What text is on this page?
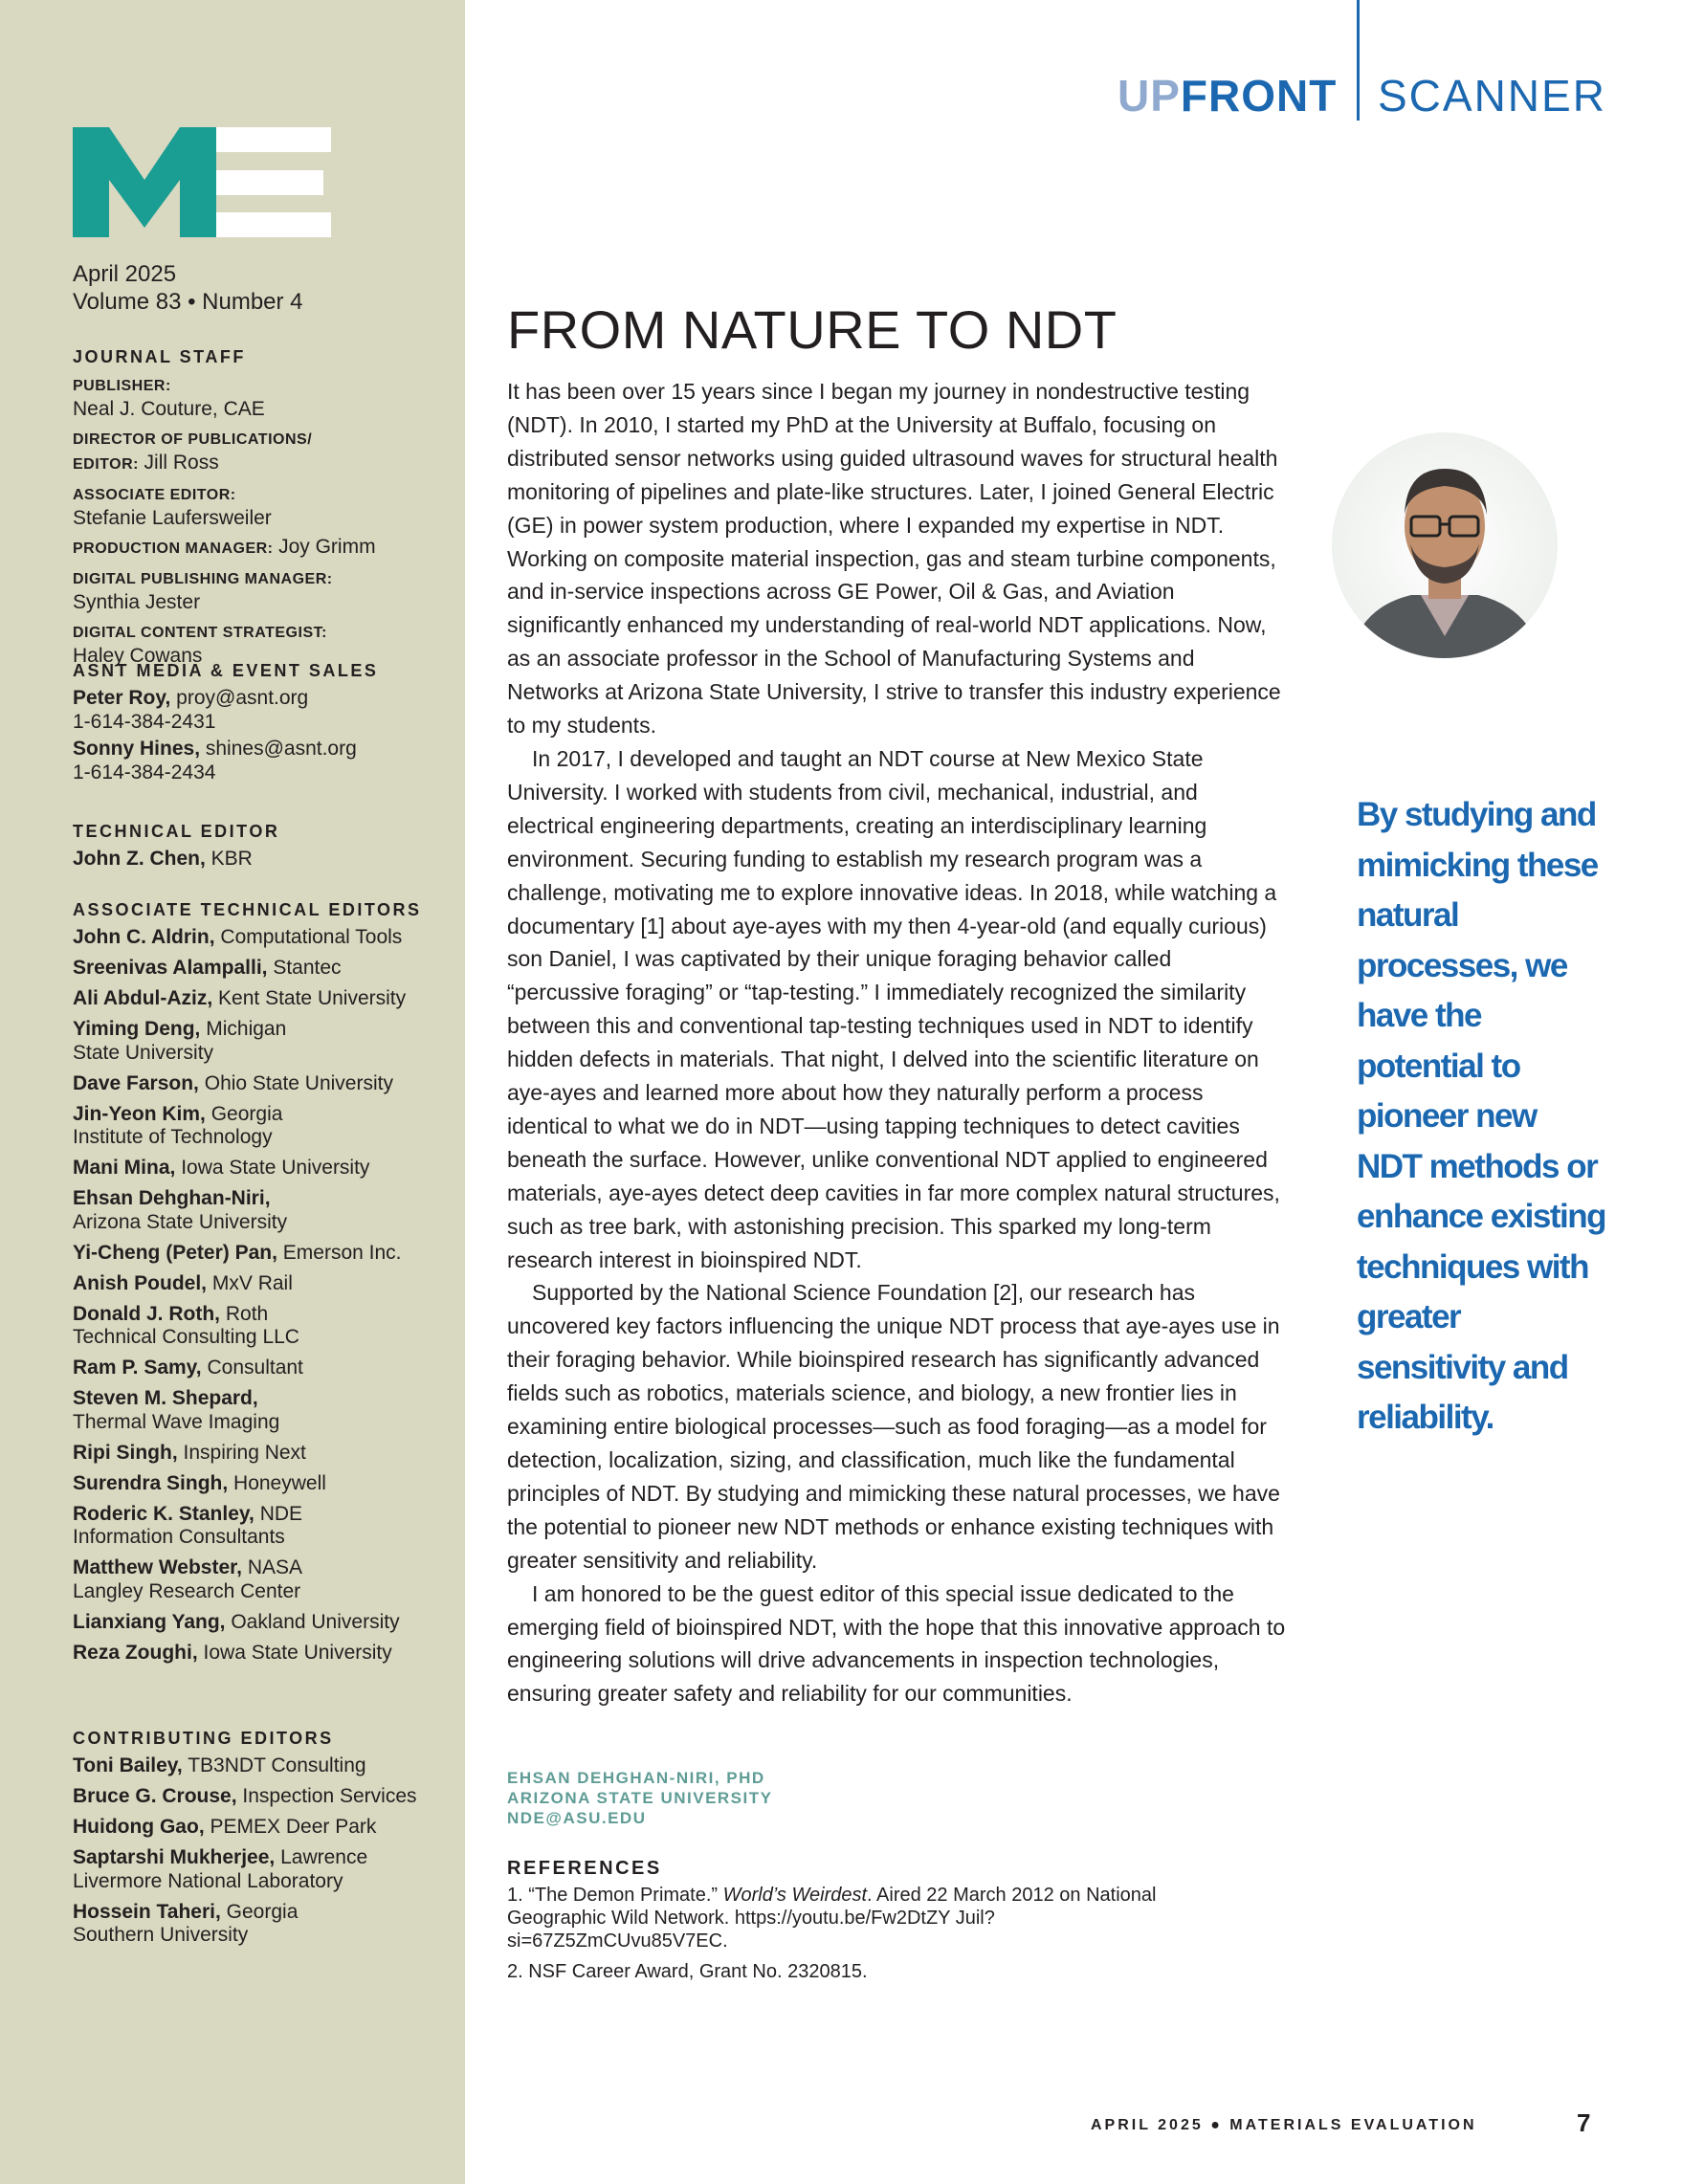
April 2025
Volume 83 • Number 4
JOURNAL STAFF
PUBLISHER:
Neal J. Couture, CAE
DIRECTOR OF PUBLICATIONS/
EDITOR: Jill Ross
ASSOCIATE EDITOR:
Stefanie Laufersweiler
PRODUCTION MANAGER: Joy Grimm
DIGITAL PUBLISHING MANAGER:
Synthia Jester
DIGITAL CONTENT STRATEGIST:
Haley Cowans
ASNT MEDIA & EVENT SALES
Peter Roy, proy@asnt.org
1-614-384-2431
Sonny Hines, shines@asnt.org
1-614-384-2434
TECHNICAL EDITOR
John Z. Chen, KBR
ASSOCIATE TECHNICAL EDITORS
John C. Aldrin, Computational Tools
Sreenivas Alampalli, Stantec
Ali Abdul-Aziz, Kent State University
Yiming Deng, Michigan
State University
Dave Farson, Ohio State University
Jin-Yeon Kim, Georgia
Institute of Technology
Mani Mina, Iowa State University
Ehsan Dehghan-Niri,
Arizona State University
Yi-Cheng (Peter) Pan, Emerson Inc.
Anish Poudel, MxV Rail
Donald J. Roth, Roth
Technical Consulting LLC
Ram P. Samy, Consultant
Steven M. Shepard,
Thermal Wave Imaging
Ripi Singh, Inspiring Next
Surendra Singh, Honeywell
Roderic K. Stanley, NDE
Information Consultants
Matthew Webster, NASA
Langley Research Center
Lianxiang Yang, Oakland University
Reza Zoughi, Iowa State University
CONTRIBUTING EDITORS
Toni Bailey, TB3NDT Consulting
Bruce G. Crouse, Inspection Services
Huidong Gao, PEMEX Deer Park
Saptarshi Mukherjee, Lawrence
Livermore National Laboratory
Hossein Taheri, Georgia
Southern University
UPFRONT SCANNER
FROM NATURE TO NDT

It has been over 15 years since I began my journey in nondestructive testing (NDT). In 2010, I started my PhD at the University at Buffalo, focusing on distributed sensor networks using guided ultrasound waves for structural health monitoring of pipelines and plate-like structures. Later, I joined General Electric (GE) in power system production, where I expanded my expertise in NDT. Working on composite material inspection, gas and steam turbine components, and in-service inspections across GE Power, Oil & Gas, and Aviation significantly enhanced my understanding of real-world NDT applications. Now, as an associate professor in the School of Manufacturing Systems and Networks at Arizona State University, I strive to transfer this industry experience to my students.

In 2017, I developed and taught an NDT course at New Mexico State University. I worked with students from civil, mechanical, industrial, and electrical engineering departments, creating an interdisciplinary learning environment. Securing funding to establish my research program was a challenge, motivating me to explore innovative ideas. In 2018, while watching a documentary [1] about aye-ayes with my then 4-year-old (and equally curious) son Daniel, I was captivated by their unique foraging behavior called “percussive foraging” or “tap-testing.” I immediately recognized the similarity between this and conventional tap-testing techniques used in NDT to identify hidden defects in materials. That night, I delved into the scientific literature on aye-ayes and learned more about how they naturally perform a process identical to what we do in NDT—using tapping techniques to detect cavities beneath the surface. However, unlike conventional NDT applied to engineered materials, aye-ayes detect deep cavities in far more complex natural structures, such as tree bark, with astonishing precision. This sparked my long-term research interest in bioinspired NDT.

Supported by the National Science Foundation [2], our research has uncovered key factors influencing the unique NDT process that aye-ayes use in their foraging behavior. While bioinspired research has significantly advanced fields such as robotics, materials science, and biology, a new frontier lies in examining entire biological processes—such as food foraging—as a model for detection, localization, sizing, and classification, much like the fundamental principles of NDT. By studying and mimicking these natural processes, we have the potential to pioneer new NDT methods or enhance existing techniques with greater sensitivity and reliability.

I am honored to be the guest editor of this special issue dedicated to the emerging field of bioinspired NDT, with the hope that this innovative approach to engineering solutions will drive advancements in inspection technologies, ensuring greater safety and reliability for our communities.

By studying and mimicking these natural processes, we have the potential to pioneer new NDT methods or enhance existing techniques with greater sensitivity and reliability.
EHSAN DEHGHAN-NIRI, PHD
ARIZONA STATE UNIVERSITY
NDE@ASU.EDU
REFERENCES
1. “The Demon Primate.” World’s Weirdest. Aired 22 March 2012 on National Geographic Wild Network. https://youtu.be/Fw2DtZY Juil?si=67Z5ZmCUvu85V7EC.
2. NSF Career Award, Grant No. 2320815.
APRIL 2025 ● MATERIALS EVALUATION	7
